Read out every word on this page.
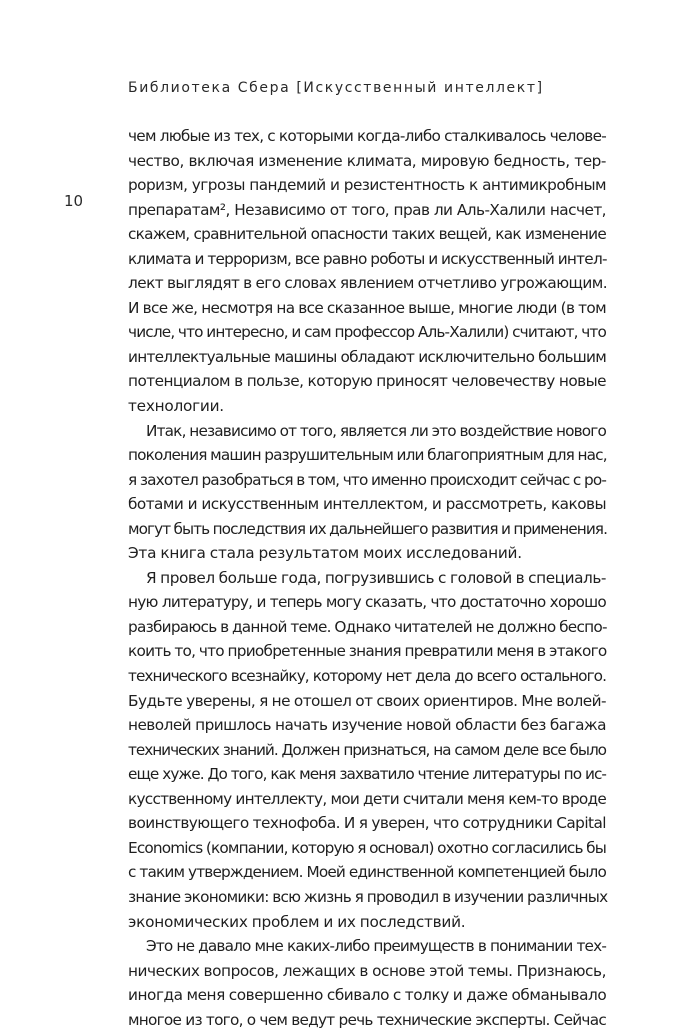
Библиотека Сбера [Искусственный интеллект]
10
чем любые из тех, с которыми когда-либо сталкивалось челове-
чество, включая изменение климата, мировую бедность, тер-
роризм, угрозы пандемий и резистентность к антимикробным
препаратам², Независимо от того, прав ли Аль-Халили насчет,
скажем, сравнительной опасности таких вещей, как изменение
климата и терроризм, все равно роботы и искусственный интел-
лект выглядят в его словах явлением отчетливо угрожающим.
И все же, несмотря на все сказанное выше, многие люди (в том
числе, что интересно, и сам профессор Аль-Халили) считают, что
интеллектуальные машины обладают исключительно большим
потенциалом в пользе, которую приносят человечеству новые
технологии.
Итак, независимо от того, является ли это воздействие нового
поколения машин разрушительным или благоприятным для нас,
я захотел разобраться в том, что именно происходит сейчас с ро-
ботами и искусственным интеллектом, и рассмотреть, каковы
могут быть последствия их дальнейшего развития и применения.
Эта книга стала результатом моих исследований.
Я провел больше года, погрузившись с головой в специаль-
ную литературу, и теперь могу сказать, что достаточно хорошо
разбираюсь в данной теме. Однако читателей не должно беспо-
коить то, что приобретенные знания превратили меня в этакого
технического всезнайку, которому нет дела до всего остального.
Будьте уверены, я не отошел от своих ориентиров. Мне волей-
неволей пришлось начать изучение новой области без багажа
технических знаний. Должен признаться, на самом деле все было
еще хуже. До того, как меня захватило чтение литературы по ис-
кусственному интеллекту, мои дети считали меня кем-то вроде
воинствующего технофоба. И я уверен, что сотрудники Capital
Economics (компании, которую я основал) охотно согласились бы
с таким утверждением. Моей единственной компетенцией было
знание экономики: всю жизнь я проводил в изучении различных
экономических проблем и их последствий.
Это не давало мне каких-либо преимуществ в понимании тех-
нических вопросов, лежащих в основе этой темы. Признаюсь,
иногда меня совершенно сбивало с толку и даже обманывало
многое из того, о чем ведут речь технические эксперты. Сейчас
